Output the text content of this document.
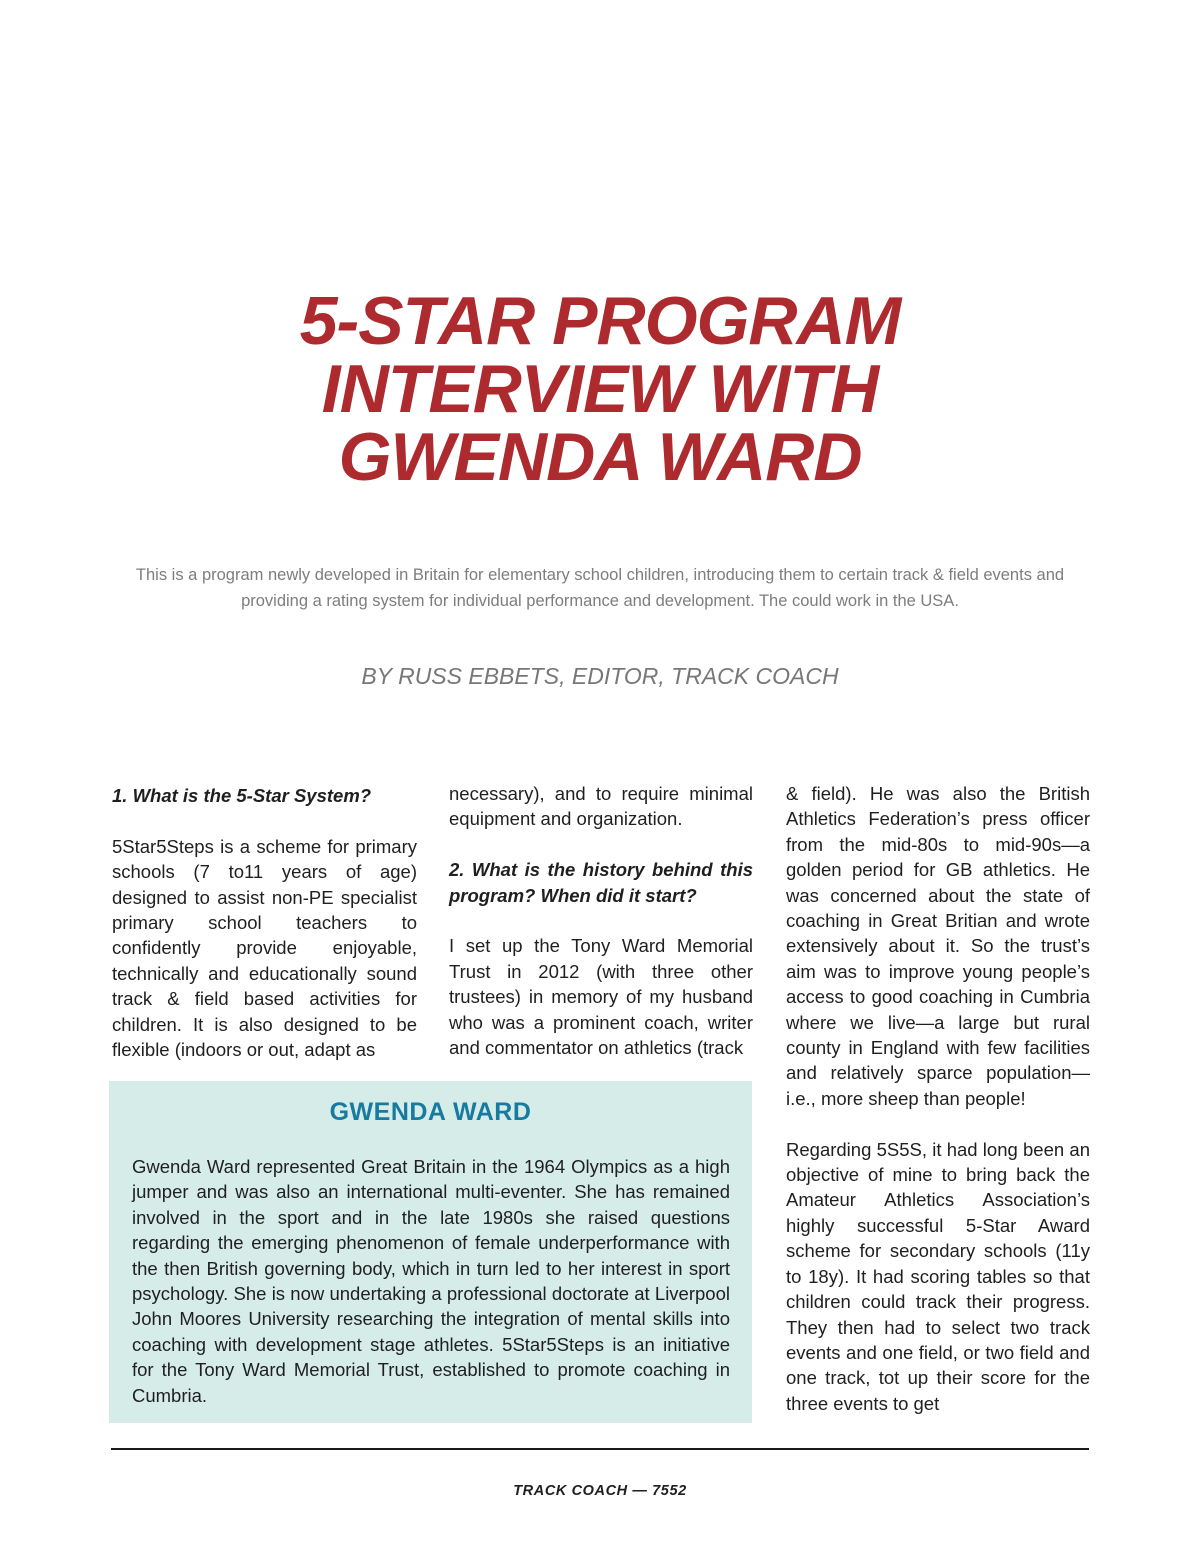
5-STAR PROGRAM
INTERVIEW WITH
GWENDA WARD
This is a program newly developed in Britain for elementary school children, introducing them to certain track & field events and providing a rating system for individual performance and development. The could work in the USA.
BY RUSS EBBETS, EDITOR, TRACK COACH

1. What is the 5-Star System?

5Star5Steps is a scheme for primary schools (7 to11 years of age) designed to assist non-PE specialist primary school teachers to confidently provide enjoyable, technically and educationally sound track & field based activities for children. It is also designed to be flexible (indoors or out, adapt as

necessary), and to require minimal equipment and organization.

2. What is the history behind this program? When did it start?

I set up the Tony Ward Memorial Trust in 2012 (with three other trustees) in memory of my husband who was a prominent coach, writer and commentator on athletics (track

& field). He was also the British Athletics Federation’s press officer from the mid-80s to mid-90s—a golden period for GB athletics. He was concerned about the state of coaching in Great Britian and wrote extensively about it. So the trust’s aim was to improve young people’s access to good coaching in Cumbria where we live—a large but rural county in England with few facilities and relatively sparce population—i.e., more sheep than people!

Regarding 5S5S, it had long been an objective of mine to bring back the Amateur Athletics Association’s highly successful 5-Star Award scheme for secondary schools (11y to 18y). It had scoring tables so that children could track their progress. They then had to select two track events and one field, or two field and one track, tot up their score for the three events to get

GWENDA WARD
Gwenda Ward represented Great Britain in the 1964 Olympics as a high jumper and was also an international multi-eventer. She has remained involved in the sport and in the late 1980s she raised questions regarding the emerging phenomenon of female underperformance with the then British governing body, which in turn led to her interest in sport psychology. She is now undertaking a professional doctorate at Liverpool John Moores University researching the integration of mental skills into coaching with development stage athletes. 5Star5Steps is an initiative for the Tony Ward Memorial Trust, established to promote coaching in Cumbria.
TRACK COACH — 7552
